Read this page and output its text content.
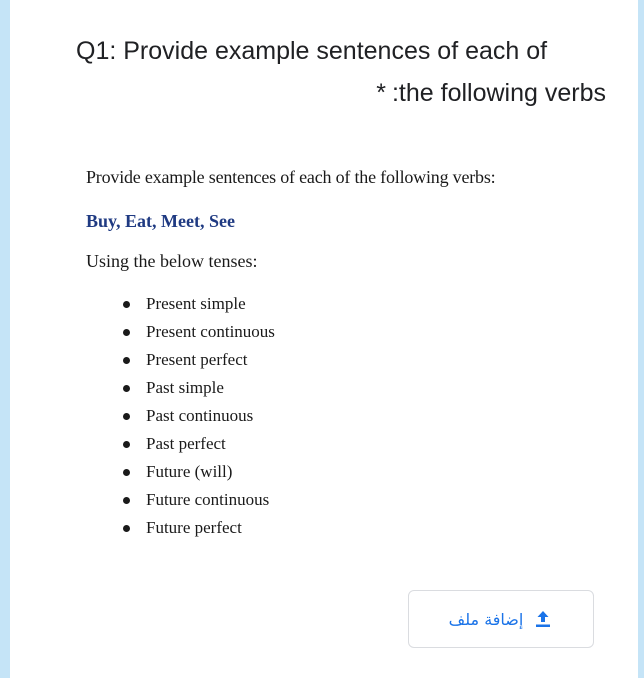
Q1: Provide example sentences of each of
* :the following verbs

Provide example sentences of each of the following verbs:

Buy, Eat, Meet, See

Using the below tenses:

Present simple
Present continuous
Present perfect
Past simple
Past continuous
Past perfect
Future (will)
Future continuous
Future perfect
إضافة ملف
